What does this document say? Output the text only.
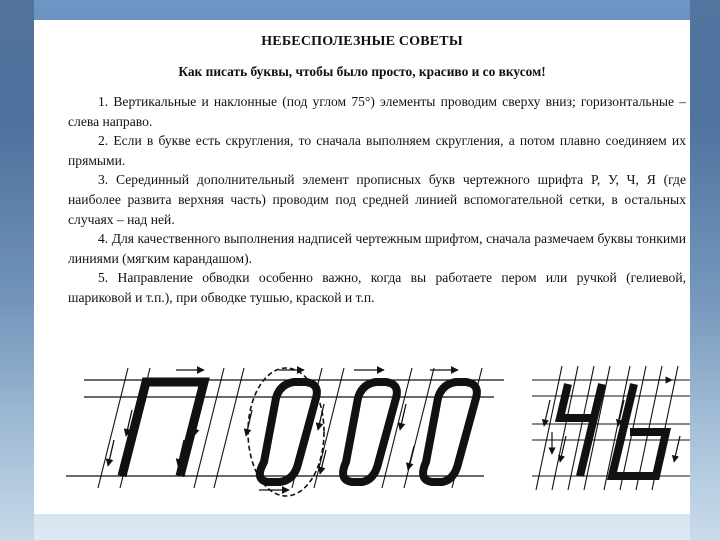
НЕБЕСПОЛЕЗНЫЕ СОВЕТЫ
Как писать буквы, чтобы было просто, красиво и со вкусом!

1. Вертикальные и наклонные (под углом 75°) элементы проводим сверху вниз; горизонтальные – слева направо.

2. Если в букве есть скругления, то сначала выполняем скругления, а потом плавно соединяем их прямыми.

3. Серединный дополнительный элемент прописных букв чертежного шрифта Р, У, Ч, Я (где наиболее развита верхняя часть) проводим под средней линией вспомогательной сетки, в остальных случаях – над ней.

4. Для качественного выполнения надписей чертежным шрифтом, сначала размечаем буквы тонкими линиями (мягким карандашом).

5. Направление обводки особенно важно, когда вы работаете пером или ручкой (гелиевой, шариковой и т.п.), при обводке тушью, краской и т.п.
